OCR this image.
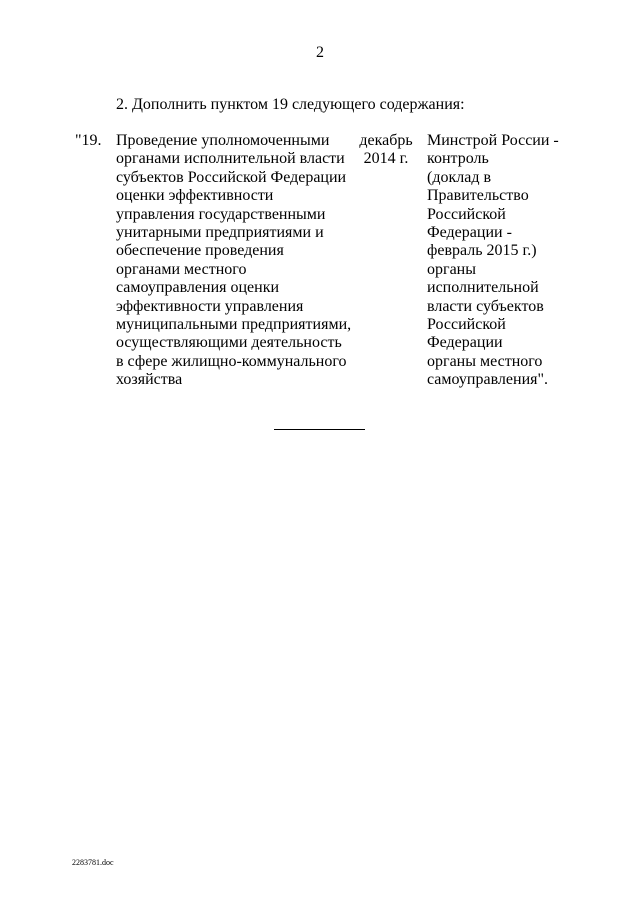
2
2. Дополнить пунктом 19 следующего содержания:
"19. Проведение уполномоченными
органами исполнительной власти
субъектов Российской Федерации
оценки эффективности
управления государственными
унитарными предприятиями и
обеспечение проведения
органами местного
самоуправления оценки
эффективности управления
муниципальными предприятиями,
осуществляющими деятельность
в сфере жилищно-коммунального
хозяйства
декабрь
2014 г.
Минстрой России -
контроль
(доклад в
Правительство
Российской
Федерации -
февраль 2015 г.)
органы
исполнительной
власти субъектов
Российской
Федерации
органы местного
самоуправления".
2283781.doc
